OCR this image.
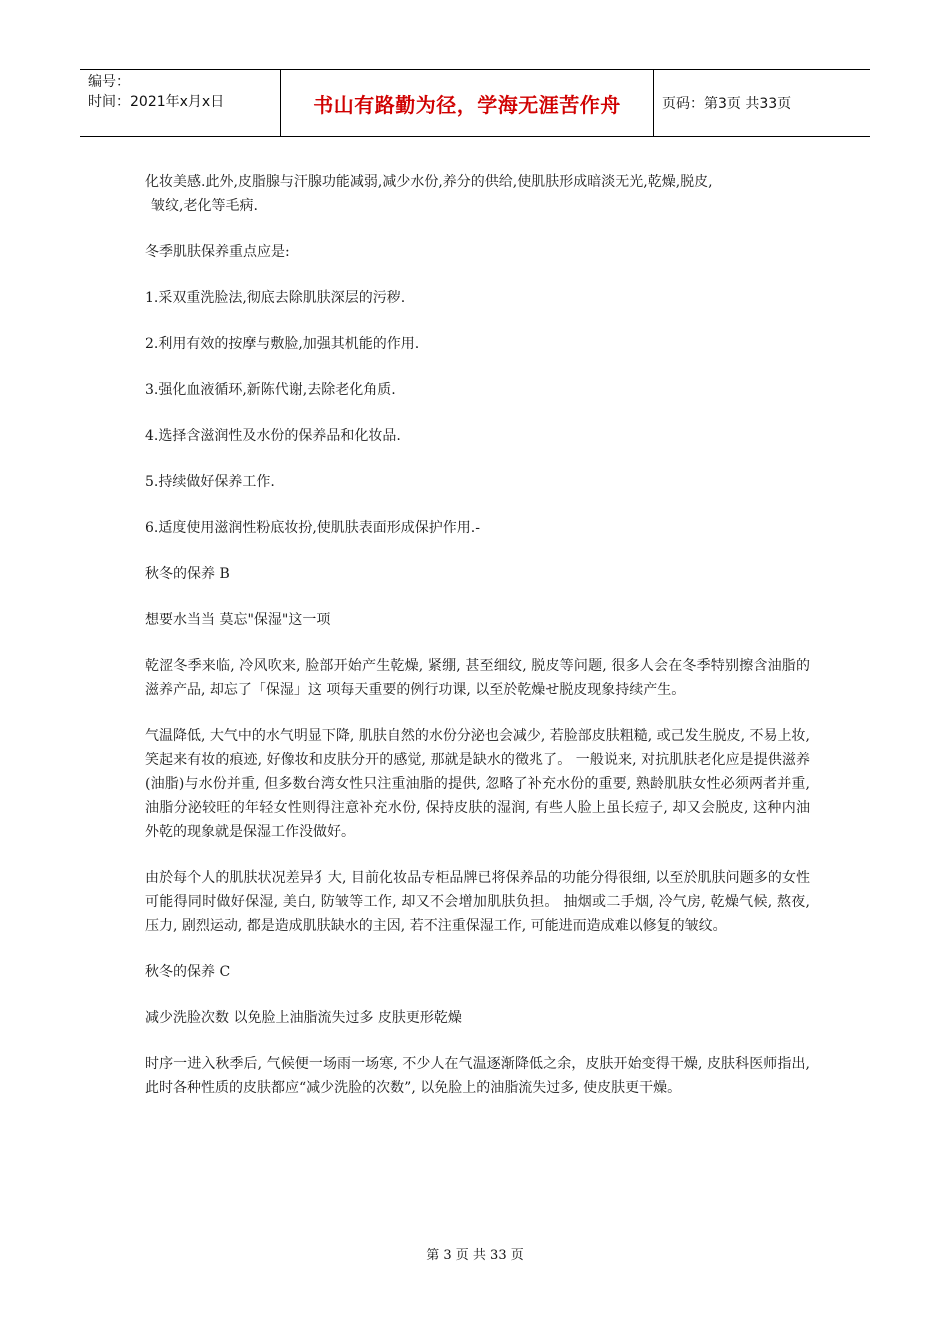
编号：
时间：2021年x月x日	书山有路勤为径，学海无涯苦作舟	页码：第3页 共33页

化妆美感.此外,皮脂腺与汗腺功能减弱,减少水份,养分的供给,使肌肤形成暗淡无光,乾燥,脱皮,
皱纹,老化等毛病.

冬季肌肤保养重点应是:

1.采双重洗脸法,彻底去除肌肤深层的污秽.

2.利用有效的按摩与敷脸,加强其机能的作用.

3.强化血液循环,新陈代谢,去除老化角质.

4.选择含滋润性及水份的保养品和化妆品.

5.持续做好保养工作.

6.适度使用滋润性粉底妆扮,使肌肤表面形成保护作用.-

秋冬的保养 B

想要水当当 莫忘"保湿"这一项

乾涩冬季来临, 冷风吹来, 脸部开始产生乾燥, 紧绷, 甚至细纹, 脱皮等问题, 很多人会在冬季特别擦含油脂的滋养产品, 却忘了「保湿」这 项每天重要的例行功课, 以至於乾燥せ脱皮现象持续产生。

气温降低, 大气中的水气明显下降, 肌肤自然的水份分泌也会减少, 若脸部皮肤粗糙, 或己发生脱皮, 不易上妆, 笑起来有妆的痕迹, 好像妆和皮肤分开的感觉, 那就是缺水的徵兆了。 一般说来, 对抗肌肤老化应是提供滋养(油脂)与水份并重, 但多数台湾女性只注重油脂的提供, 忽略了补充水份的重要, 熟龄肌肤女性必须两者并重, 油脂分泌较旺的年轻女性则得注意补充水份, 保持皮肤的湿润, 有些人脸上虽长痘子, 却又会脱皮, 这种内油外乾的现象就是保湿工作没做好。

由於每个人的肌肤状况差异犭大, 目前化妆品专柜品牌已将保养品的功能分得很细, 以至於肌肤问题多的女性可能得同时做好保湿, 美白, 防皱等工作, 却又不会增加肌肤负担。 抽烟或二手烟, 冷气房, 乾燥气候, 熬夜, 压力, 剧烈运动, 都是造成肌肤缺水的主因, 若不注重保湿工作, 可能进而造成难以修复的皱纹。

秋冬的保养 C

减少洗脸次数 以免脸上油脂流失过多 皮肤更形乾燥

时序一进入秋季后, 气候便一场雨一场寒, 不少人在气温逐渐降低之余，皮肤开始变得干燥, 皮肤科医师指出, 此时各种性质的皮肤都应“减少洗脸的次数”, 以免脸上的油脂流失过多, 使皮肤更干燥。

第 3 页 共 33 页
